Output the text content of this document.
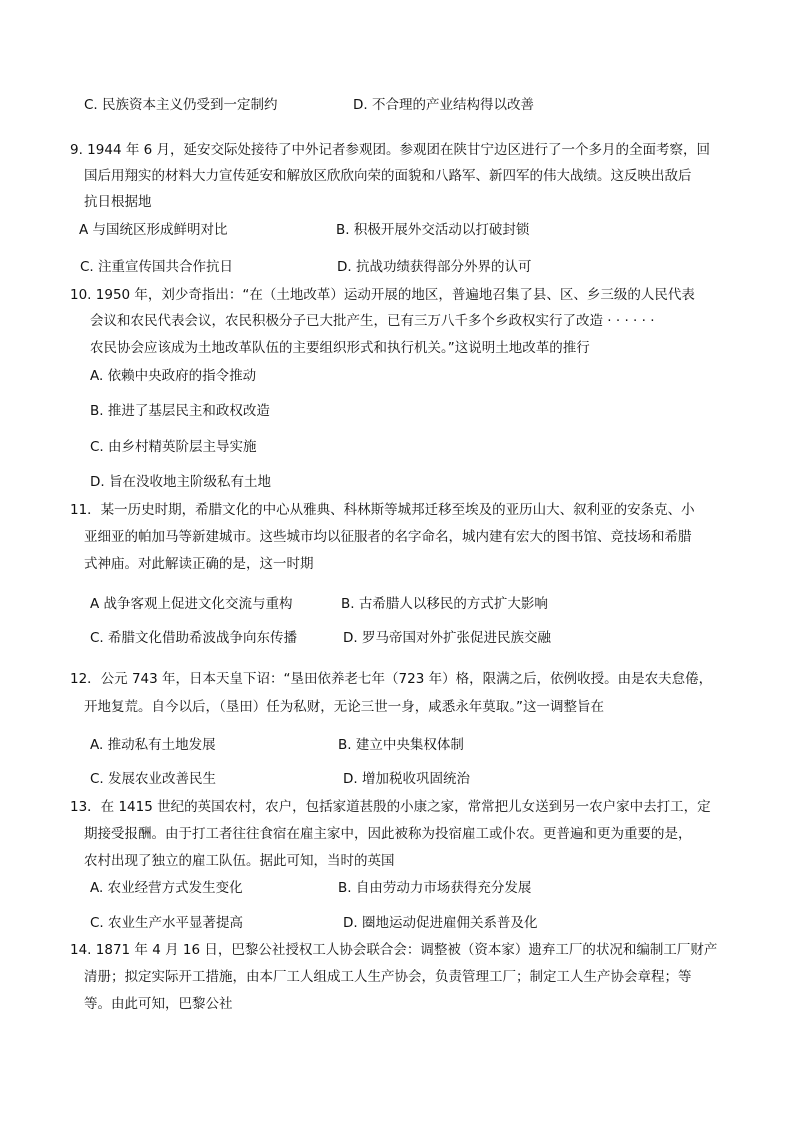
C. 民族资本主义仍受到一定制约	D. 不合理的产业结构得以改善
9. 1944 年 6 月，延安交际处接待了中外记者参观团。参观团在陕甘宁边区进行了一个多月的全面考察，回
国后用翔实的材料大力宣传延安和解放区欣欣向荣的面貌和八路军、新四军的伟大战绩。这反映出敌后
抗日根据地
A 与国统区形成鲜明对比	B. 积极开展外交活动以打破封锁
C. 注重宣传国共合作抗日	D. 抗战功绩获得部分外界的认可
10. 1950 年，刘少奇指出：“在（土地改革）运动开展的地区，普遍地召集了县、区、乡三级的人民代表
会议和农民代表会议，农民积极分子已大批产生，已有三万八千多个乡政权实行了改造 · · · · · ·
农民协会应该成为土地改革队伍的主要组织形式和执行机关。”这说明土地改革的推行
A. 依赖中央政府的指令推动
B. 推进了基层民主和政权改造
C. 由乡村精英阶层主导实施
D. 旨在没收地主阶级私有土地
11．某一历史时期，希腊文化的中心从雅典、科林斯等城邦迁移至埃及的亚历山大、叙利亚的安条克、小
亚细亚的帕加马等新建城市。这些城市均以征服者的名字命名，城内建有宏大的图书馆、竞技场和希腊
式神庙。对此解读正确的是，这一时期
A 战争客观上促进文化交流与重构	B. 古希腊人以移民的方式扩大影响
C. 希腊文化借助希波战争向东传播	D. 罗马帝国对外扩张促进民族交融
12．公元 743 年，日本天皇下诏：“垦田依养老七年（723 年）格，限满之后，依例收授。由是农夫怠倦，
开地复荒。自今以后，（垦田）任为私财，无论三世一身，咸悉永年莫取。”这一调整旨在
A. 推动私有土地发展	B. 建立中央集权体制
C. 发展农业改善民生	D. 增加税收巩固统治
13．在 1415 世纪的英国农村，农户，包括家道甚殷的小康之家，常常把儿女送到另一农户家中去打工，定
期接受报酬。由于打工者往往食宿在雇主家中，因此被称为投宿雇工或仆农。更普遍和更为重要的是，
农村出现了独立的雇工队伍。据此可知，当时的英国
A. 农业经营方式发生变化	B. 自由劳动力市场获得充分发展
C. 农业生产水平显著提高	D. 圈地运动促进雇佣关系普及化
14. 1871 年 4 月 16 日，巴黎公社授权工人协会联合会：调整被（资本家）遗弃工厂的状况和编制工厂财产
清册；拟定实际开工措施，由本厂工人组成工人生产协会，负责管理工厂；制定工人生产协会章程；等
等。由此可知，巴黎公社
